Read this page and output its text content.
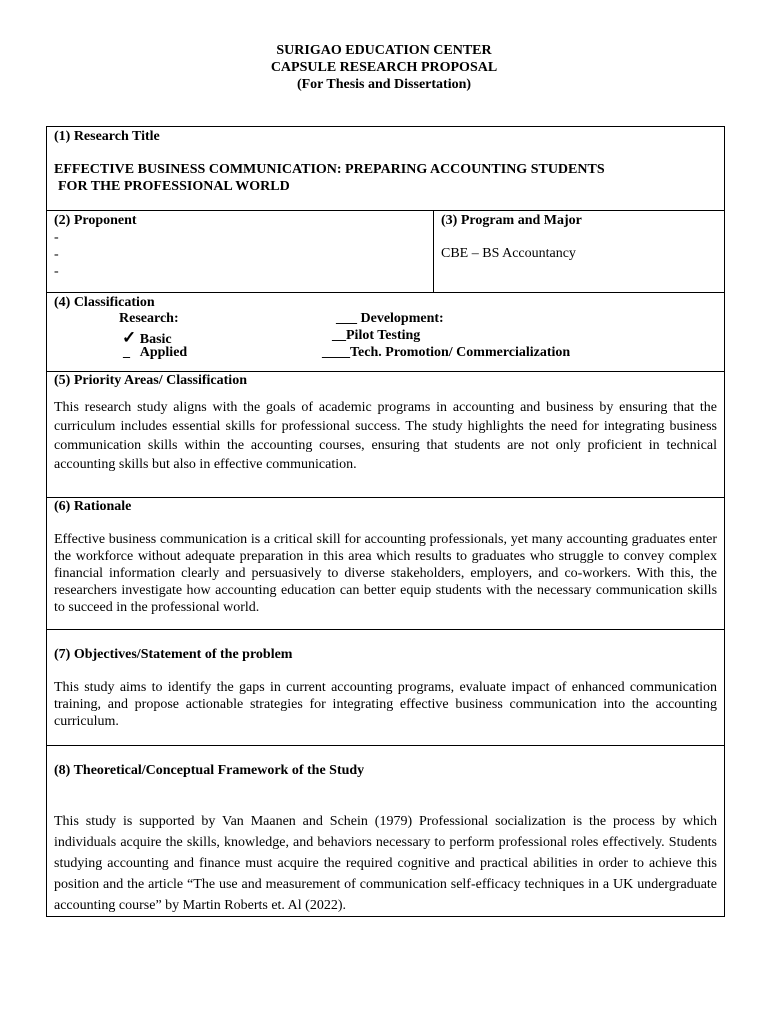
SURIGAO EDUCATION CENTER
CAPSULE RESEARCH PROPOSAL
(For Thesis and Dissertation)
(1) Research Title
EFFECTIVE BUSINESS COMMUNICATION: PREPARING ACCOUNTING STUDENTS
FOR THE PROFESSIONAL WORLD

(2) Proponent
-
-
-

(3) Program and Major
CBE – BS Accountancy

(4) Classification
Research:
✓ Basic
_ Applied
___ Development:
__Pilot Testing
____Tech. Promotion/ Commercialization

(5) Priority Areas/ Classification
This research study aligns with the goals of academic programs in accounting and business by ensuring that the curriculum includes essential skills for professional success. The study highlights the need for integrating business communication skills within the accounting courses, ensuring that students are not only proficient in technical accounting skills but also in effective communication.

(6) Rationale
Effective business communication is a critical skill for accounting professionals, yet many accounting graduates enter the workforce without adequate preparation in this area which results to graduates who struggle to convey complex financial information clearly and persuasively to diverse stakeholders, employers, and co-workers. With this, the researchers investigate how accounting education can better equip students with the necessary communication skills to succeed in the professional world.

(7) Objectives/Statement of the problem
This study aims to identify the gaps in current accounting programs, evaluate impact of enhanced communication training, and propose actionable strategies for integrating effective business communication into the accounting curriculum.

(8) Theoretical/Conceptual Framework of the Study
This study is supported by Van Maanen and Schein (1979) Professional socialization is the process by which individuals acquire the skills, knowledge, and behaviors necessary to perform professional roles effectively. Students studying accounting and finance must acquire the required cognitive and practical abilities in order to achieve this position and the article “The use and measurement of communication self-efficacy techniques in a UK undergraduate accounting course” by Martin Roberts et. Al (2022).
